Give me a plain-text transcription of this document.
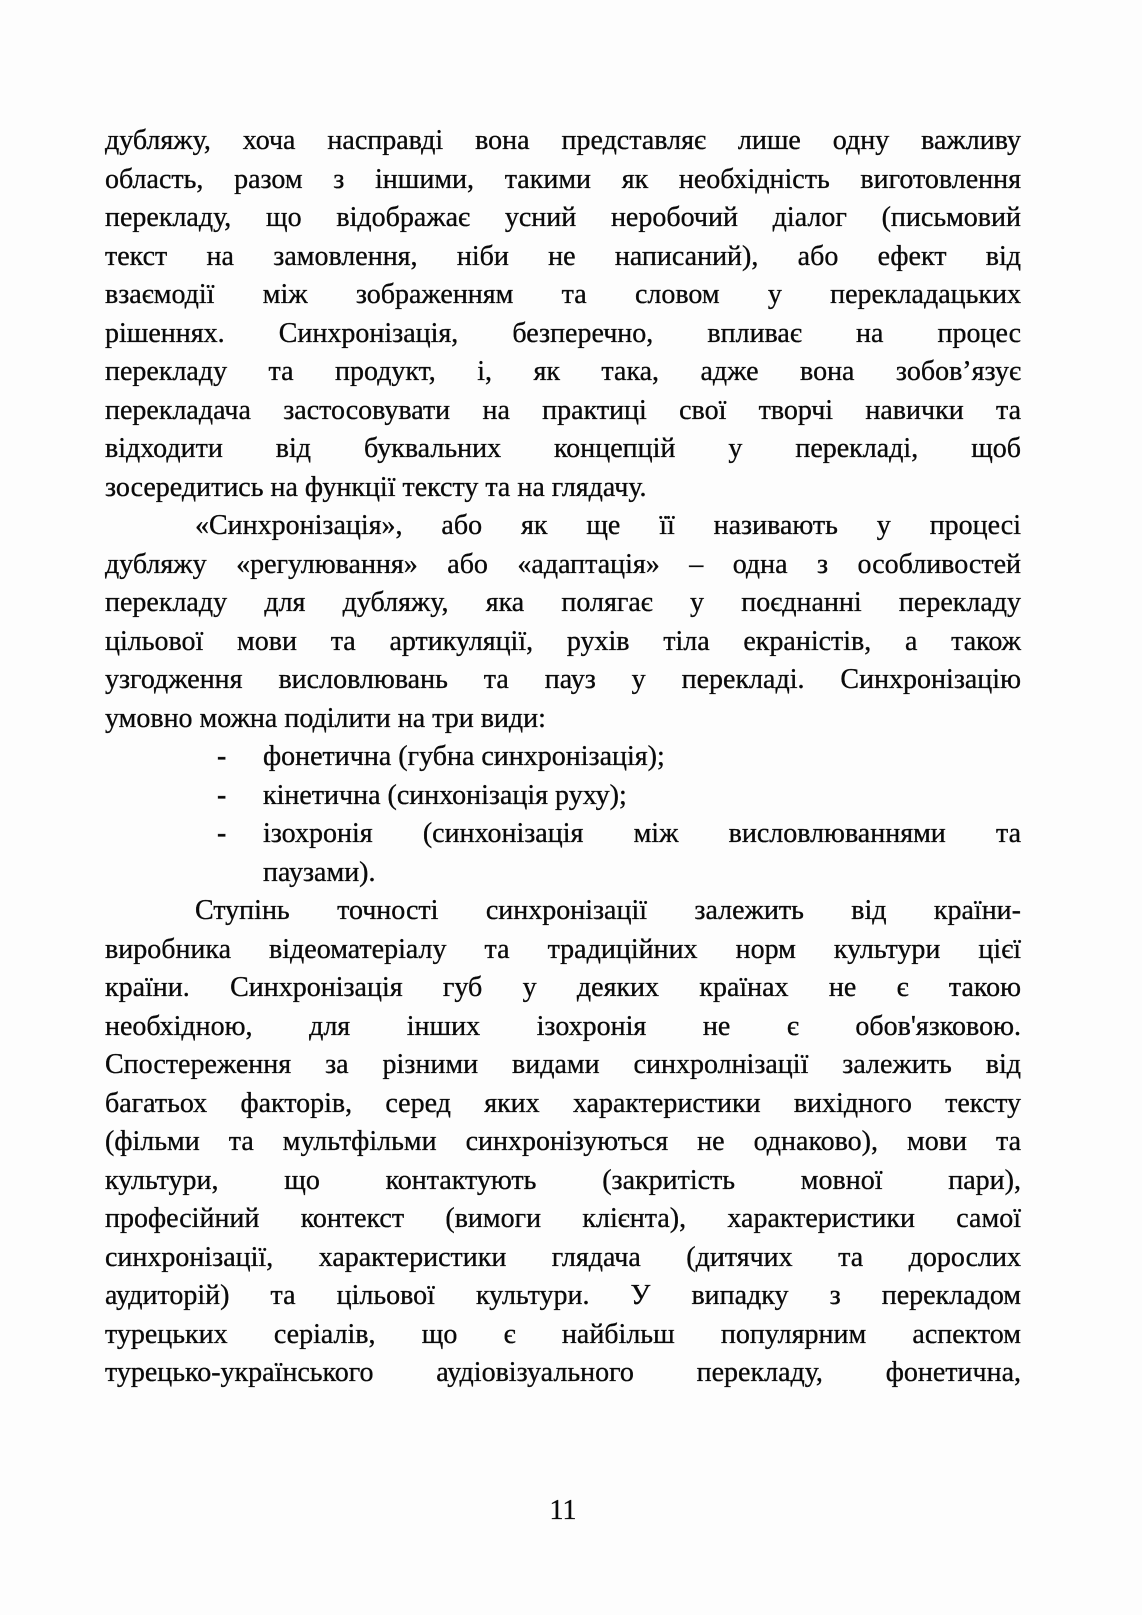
дубляжу, хоча насправді вона представляє лише одну важливу
область, разом з іншими, такими як необхідність виготовлення
перекладу, що відображає усний неробочий діалог (письмовий
текст на замовлення, ніби не написаний), або ефект від
взаємодії між зображенням та словом у перекладацьких
рішеннях. Синхронізація, безперечно, впливає на процес
перекладу та продукт, і, як така, адже вона зобов’язує
перекладача застосовувати на практиці свої творчі навички та
відходити від буквальних концепцій у перекладі, щоб
зосередитись на функції тексту та на глядачу.
«Синхронізація», або як ще її називають у процесі
дубляжу «регулювання» або «адаптація» – одна з особливостей
перекладу для дубляжу, яка полягає у поєднанні перекладу
цільової мови та артикуляції, рухів тіла екраністів, а також
узгодження висловлювань та пауз у перекладі. Синхронізацію
умовно можна поділити на три види:
-	фонетична (губна синхронізація);
-	кінетична (синхонізація руху);
-	ізохронія (синхонізація між висловлюваннями та
паузами).
Ступінь точності синхронізації залежить від країни-
виробника відеоматеріалу та традиційних норм культури цієї
країни. Синхронізація губ у деяких країнах не є такою
необхідною, для інших ізохронія не є обов'язковою.
Спостереження за різними видами синхролнізації залежить від
багатьох факторів, серед яких характеристики вихідного тексту
(фільми та мультфільми синхронізуються не однаково), мови та
культури, що контактують (закритість мовної пари),
професійний контекст (вимоги клієнта), характеристики самої
синхронізації, характеристики глядача (дитячих та дорослих
аудиторій) та цільової культури. У випадку з перекладом
турецьких серіалів, що є найбільш популярним аспектом
турецько-українського аудіовізуального перекладу, фонетична,
11
